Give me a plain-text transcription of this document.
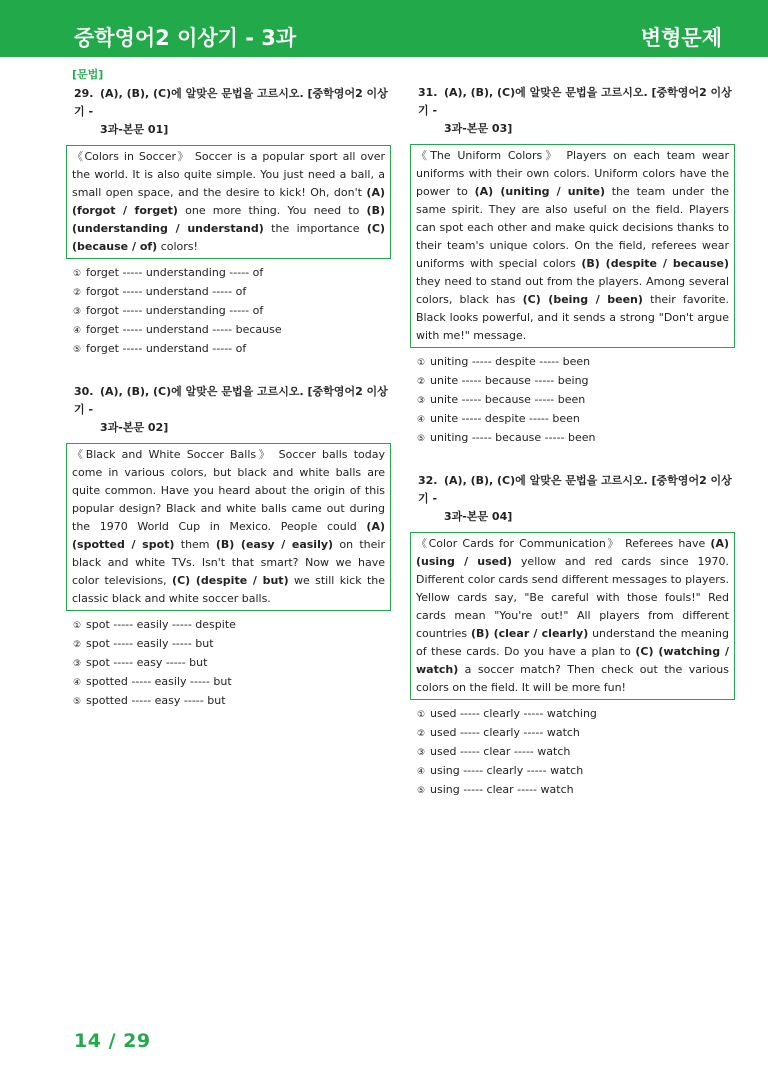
중학영어2 이상기 - 3과	변형문제
[문법]
29. (A), (B), (C)에 알맞은 문법을 고르시오. [중학영어2 이상기 -
3과-본문 01]
《Colors in Soccer》 Soccer is a popular sport all over the world. It is also quite simple. You just need a ball, a small open space, and the desire to kick! Oh, don't (A) (forgot / forget) one more thing. You need to (B) (understanding / understand) the importance (C) (because / of) colors!
① forget ----- understanding ----- of
② forgot ----- understand ----- of
③ forgot ----- understanding ----- of
④ forget ----- understand ----- because
⑤ forget ----- understand ----- of
30. (A), (B), (C)에 알맞은 문법을 고르시오. [중학영어2 이상기 -
3과-본문 02]
《Black and White Soccer Balls》 Soccer balls today come in various colors, but black and white balls are quite common. Have you heard about the origin of this popular design? Black and white balls came out during the 1970 World Cup in Mexico. People could (A) (spotted / spot) them (B) (easy / easily) on their black and white TVs. Isn't that smart? Now we have color televisions, (C) (despite / but) we still kick the classic black and white soccer balls.
① spot ----- easily ----- despite
② spot ----- easily ----- but
③ spot ----- easy ----- but
④ spotted ----- easily ----- but
⑤ spotted ----- easy ----- but
31. (A), (B), (C)에 알맞은 문법을 고르시오. [중학영어2 이상기 -
3과-본문 03]
《The Uniform Colors》 Players on each team wear uniforms with their own colors. Uniform colors have the power to (A) (uniting / unite) the team under the same spirit. They are also useful on the field. Players can spot each other and make quick decisions thanks to their team's unique colors. On the field, referees wear uniforms with special colors (B) (despite / because) they need to stand out from the players. Among several colors, black has (C) (being / been) their favorite. Black looks powerful, and it sends a strong "Don't argue with me!" message.
① uniting ----- despite ----- been
② unite ----- because ----- being
③ unite ----- because ----- been
④ unite ----- despite ----- been
⑤ uniting ----- because ----- been
32. (A), (B), (C)에 알맞은 문법을 고르시오. [중학영어2 이상기 -
3과-본문 04]
《Color Cards for Communication》 Referees have (A) (using / used) yellow and red cards since 1970. Different color cards send different messages to players. Yellow cards say, "Be careful with those fouls!" Red cards mean "You're out!" All players from different countries (B) (clear / clearly) understand the meaning of these cards. Do you have a plan to (C) (watching / watch) a soccer match? Then check out the various colors on the field. It will be more fun!
① used ----- clearly ----- watching
② used ----- clearly ----- watch
③ used ----- clear ----- watch
④ using ----- clearly ----- watch
⑤ using ----- clear ----- watch
14 / 29
